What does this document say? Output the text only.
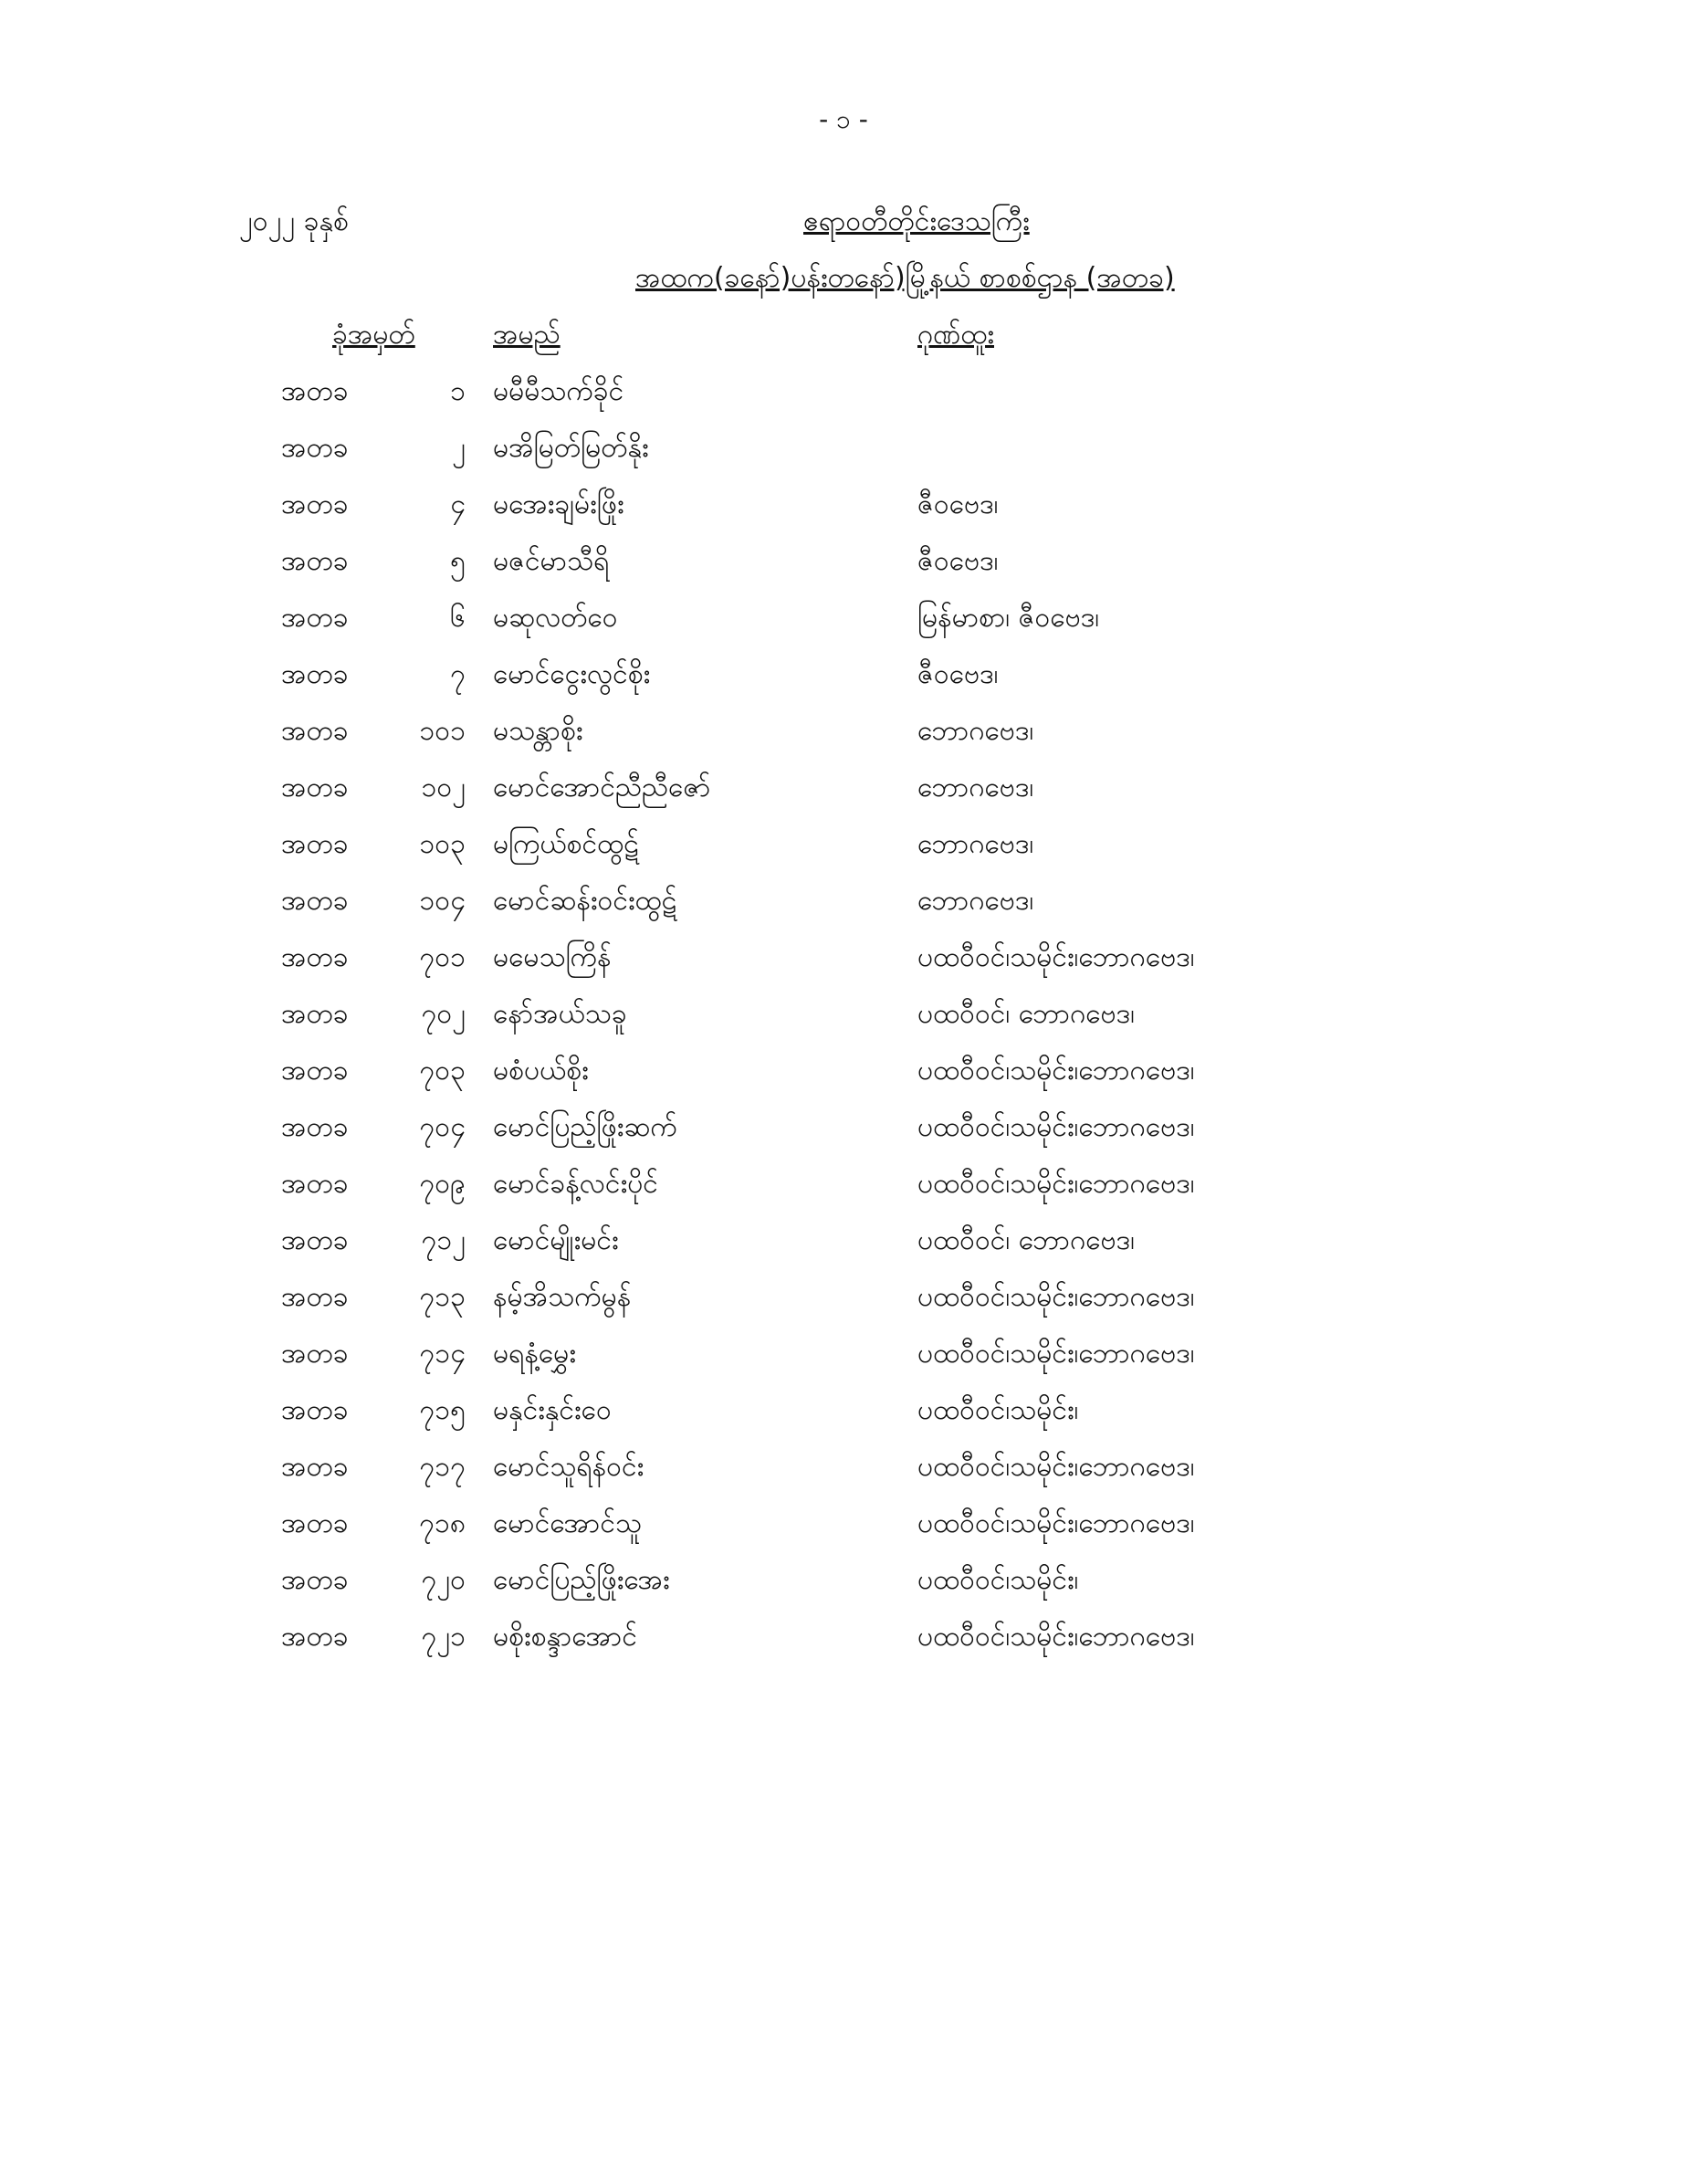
- ၁ -
၂၀၂၂ ခုနှစ်	ဧရာဝတီတိုင်းဒေသကြီး
အထက(ခနော်)ပန်းတနော်)မြို့နယ် စာစစ်ဌာန (အတခ)
ခုံအမှတ်	အမည်	ဂုဏ်ထူး
အတခ	၁ မမီမီသက်ခိုင်
အတခ	၂ မအိမြတ်မြတ်နိုး
အတခ	၄ မအေးချမ်းဖြိုး	ဇီဝဗေဒ၊
အတခ	၅ မဇင်မာသီရိ	ဇီဝဗေဒ၊
အတခ	၆ မဆုလတ်ဝေ	မြန်မာစာ၊ ဇီဝဗေဒ၊
အတခ	၇ မောင်ငွေးလွင်စိုး	ဇီဝဗေဒ၊
အတခ	၁၀၁ မသန္တာစိုး	ဘောဂဗေဒ၊
အတခ	၁၀၂ မောင်အောင်ညီညီဇော်	ဘောဂဗေဒ၊
အတခ	၁၀၃ မကြယ်စင်ထွဋ်	ဘောဂဗေဒ၊
အတခ	၁၀၄ မောင်ဆန်းဝင်းထွဋ်	ဘောဂဗေဒ၊
အတခ	၇၀၁ မမေသကြိန်	ပထဝီဝင်၊သမိုင်း၊ဘောဂဗေဒ၊
အတခ	၇၀၂ နော်အယ်သခူ	ပထဝီဝင်၊ ဘောဂဗေဒ၊
အတခ	၇၀၃ မစံပယ်စိုး	ပထဝီဝင်၊သမိုင်း၊ဘောဂဗေဒ၊
အတခ	၇၀၄ မောင်ပြည့်ဖြိုးဆက်	ပထဝီဝင်၊သမိုင်း၊ဘောဂဗေဒ၊
အတခ	၇၀၉ မောင်ခန့်လင်းပိုင်	ပထဝီဝင်၊သမိုင်း၊ဘောဂဗေဒ၊
အတခ	၇၁၂ မောင်မျိုးမင်း	ပထဝီဝင်၊ ဘောဂဗေဒ၊
အတခ	၇၁၃ နမ့်အိသက်မွန်	ပထဝီဝင်၊သမိုင်း၊ဘောဂဗေဒ၊
အတခ	၇၁၄ မရနံ့မွှေး	ပထဝီဝင်၊သမိုင်း၊ဘောဂဗေဒ၊
အတခ	၇၁၅ မနှင်းနှင်းဝေ	ပထဝီဝင်၊သမိုင်း၊
အတခ	၇၁၇ မောင်သူရိန်ဝင်း	ပထဝီဝင်၊သမိုင်း၊ဘောဂဗေဒ၊
အတခ	၇၁၈ မောင်အောင်သူ	ပထဝီဝင်၊သမိုင်း၊ဘောဂဗေဒ၊
အတခ	၇၂၀ မောင်ပြည့်ဖြိုးအေး	ပထဝီဝင်၊သမိုင်း၊
အတခ	၇၂၁ မစိုးစန္ဒာအောင်	ပထဝီဝင်၊သမိုင်း၊ဘောဂဗေဒ၊
